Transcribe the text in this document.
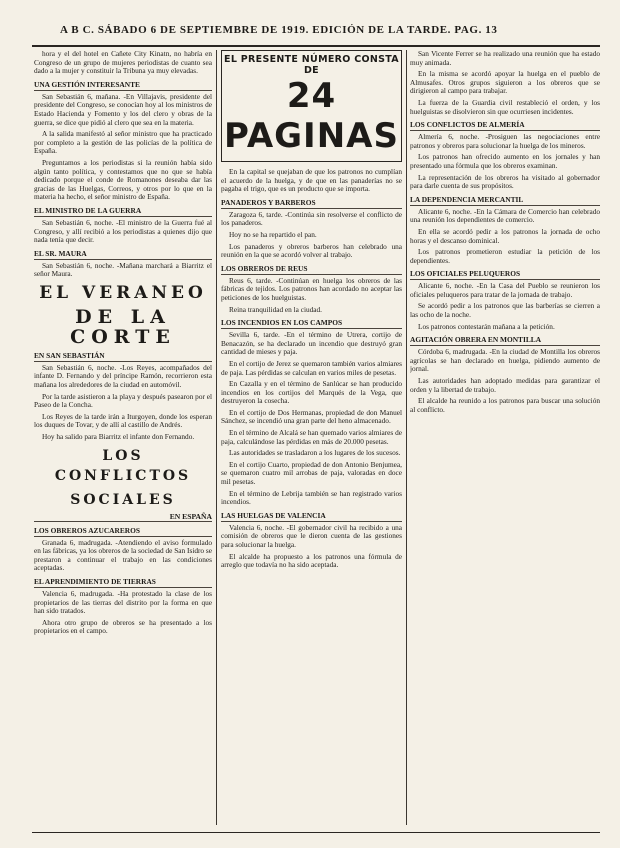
A B C. SÁBADO 6 DE SEPTIEMBRE DE 1919. EDICIÓN DE LA TARDE. PAG. 13

hora y el del hotel en Cañete City Kinatn, no habría en Congreso de un grupo de mujeres periodistas de cuanto sea dado a la mujer y constituir la Tribuna ya muy elevadas.

UNA GESTIÓN INTERESANTE

San Sebastián 6, mañana. -En Villajavis, presidente del presidente del Congreso, se conocían hoy al los ministros de Estado Hacienda y Fomento y los del clero y obras de la guerra, se dice que pidió al clero que sea en la materia.

A la salida manifestó al señor ministro que ha practicado por completo a la gestión de las policías de la política de España.

Preguntamos a los periodistas si la reunión había sido algún tanto política, y contestamos que no que se había dedicado porque el conde de Romanones deseaba dar las gracias de las Huelgas, Correos, y otros por lo que en la materia ha hecho, el señor ministro de España.

EL MINISTRO DE LA GUERRA

San Sebastián 6, noche. -El ministro de la Guerra fué al Congreso, y allí recibió a los periodistas a quienes dijo que nada tenía que decir.

EL SR. MAURA

San Sebastián 6, noche. -Mañana marchará a Biarritz el señor Maura.

EL VERANEO
DE LA CORTE
EN SAN SEBASTIÁN

San Sebastián 6, noche. -Los Reyes, acompañados del infante D. Fernando y del príncipe Ramón, recorrieron esta mañana los alrededores de la ciudad en automóvil.

Por la tarde asistieron a la playa y después pasearon por el Paseo de la Concha.

Los Reyes de la tarde irán a Iturgoyen, donde los esperan los duques de Tovar, y de allí al castillo de Andrés.

Hoy ha salido para Biarritz el infante don Fernando.

LOS CONFLICTOS
SOCIALES
EN ESPAÑA
LOS OBREROS AZUCAREROS

Granada 6, madrugada. -Atendiendo el aviso formulado en las fábricas, ya los obreros de la sociedad de San Isidro se prestaron a continuar el trabajo en las condiciones aceptadas.

EL APRENDIMIENTO DE TIERRAS

Valencia 6, madrugada. -Ha protestado la clase de los propietarios de las tierras del distrito por la forma en que han sido tratados.

Ahora otro grupo de obreros se ha presentado a los propietarios en el campo.

EL PRESENTE NÚMERO CONSTA DE
24 PAGINAS

En la capital se quejaban de que los patronos no cumplían el acuerdo de la huelga, y de que en las panaderías no se pagaba el trigo, que es un producto que se importa.

PANADEROS Y BARBEROS

Zaragoza 6, tarde. -Continúa sin resolverse el conflicto de los panaderos.

Hoy no se ha repartido el pan.

Los panaderos y obreros barberos han celebrado una reunión en la que se acordó volver al trabajo.

LOS OBREROS DE REUS

Reus 6, tarde. -Continúan en huelga los obreros de las fábricas de tejidos. Los patronos han acordado no aceptar las peticiones de los huelguistas.

Reina tranquilidad en la ciudad.

LOS INCENDIOS EN LOS CAMPOS

Sevilla 6, tarde. -En el término de Utrera, cortijo de Benacazón, se ha declarado un incendio que destruyó gran cantidad de mieses y paja.

En el cortijo de Jerez se quemaron también varios almiares de paja. Las pérdidas se calculan en varios miles de pesetas.

En Cazalla y en el término de Sanlúcar se han producido incendios en los cortijos del Marqués de la Vega, que destruyeron la cosecha.

En el cortijo de Dos Hermanas, propiedad de don Manuel Sánchez, se incendió una gran parte del heno almacenado.

En el término de Alcalá se han quemado varios almiares de paja, calculándose las pérdidas en más de 20.000 pesetas.

Las autoridades se trasladaron a los lugares de los sucesos.

En el cortijo Cuarto, propiedad de don Antonio Benjumea, se quemaron cuatro mil arrobas de paja, valoradas en doce mil pesetas.

En el término de Lebrija también se han registrado varios incendios.

LAS HUELGAS DE VALENCIA

Valencia 6, noche. -El gobernador civil ha recibido a una comisión de obreros que le dieron cuenta de las gestiones para solucionar la huelga.

El alcalde ha propuesto a los patronos una fórmula de arreglo que todavía no ha sido aceptada.

San Vicente Ferrer se ha realizado una reunión que ha estado muy animada.

En la misma se acordó apoyar la huelga en el pueblo de Almusafes. Otros grupos siguieron a los obreros que se dirigieron al campo para trabajar.

La fuerza de la Guardia civil restableció el orden, y los huelguistas se disolvieron sin que ocurriesen incidentes.

LOS CONFLICTOS DE ALMERÍA

Almería 6, noche. -Prosiguen las negociaciones entre patronos y obreros para solucionar la huelga de los mineros.

Los patronos han ofrecido aumento en los jornales y han presentado una fórmula que los obreros examinan.

La representación de los obreros ha visitado al gobernador para darle cuenta de sus propósitos.

LA DEPENDENCIA MERCANTIL

Alicante 6, noche. -En la Cámara de Comercio han celebrado una reunión los dependientes de comercio.

En ella se acordó pedir a los patronos la jornada de ocho horas y el descanso dominical.

Los patronos prometieron estudiar la petición de los dependientes.

LOS OFICIALES PELUQUEROS

Alicante 6, noche. -En la Casa del Pueblo se reunieron los oficiales peluqueros para tratar de la jornada de trabajo.

Se acordó pedir a los patronos que las barberías se cierren a las ocho de la noche.

Los patronos contestarán mañana a la petición.

AGITACIÓN OBRERA EN MONTILLA

Córdoba 6, madrugada. -En la ciudad de Montilla los obreros agrícolas se han declarado en huelga, pidiendo aumento de jornal.

Las autoridades han adoptado medidas para garantizar el orden y la libertad de trabajo.

El alcalde ha reunido a los patronos para buscar una solución al conflicto.
